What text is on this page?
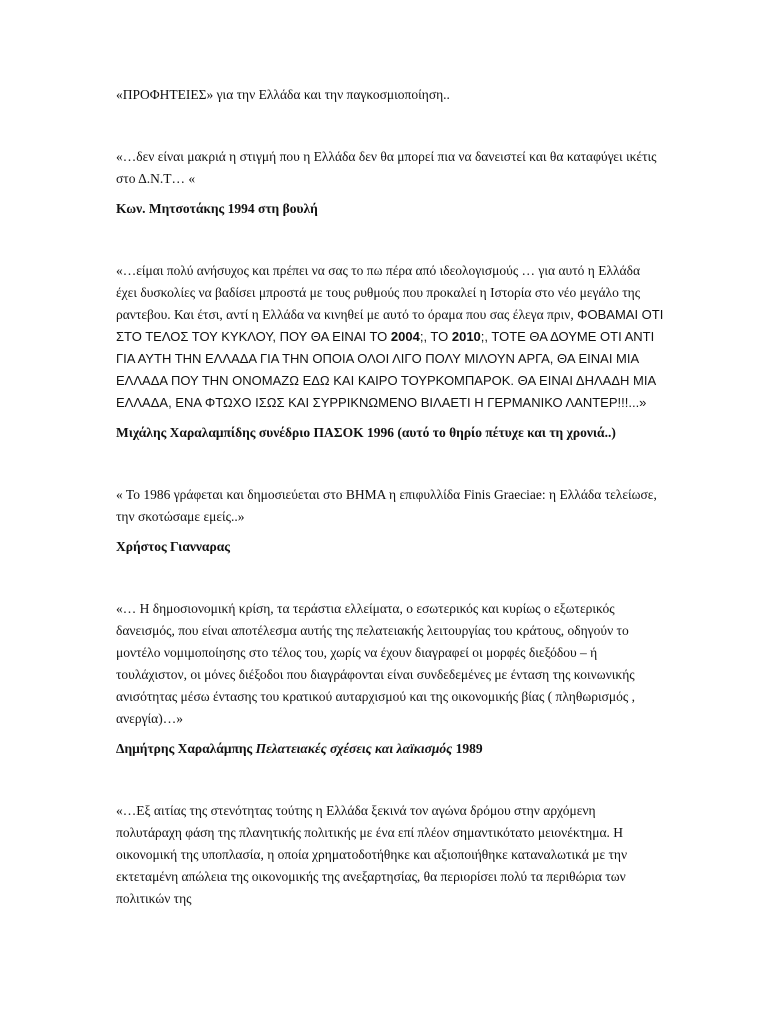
«ΠΡΟΦΗΤΕΙΕΣ» για την Ελλάδα και την παγκοσμιοποίηση..

«…δεν είναι μακριά η στιγμή που η Ελλάδα δεν θα μπορεί πια να δανειστεί και θα καταφύγει ικέτις στο Δ.Ν.Τ… «

Κων. Μητσοτάκης 1994 στη βουλή

«…είμαι πολύ ανήσυχος και πρέπει να σας το πω πέρα από ιδεολογισμούς … για αυτό η Ελλάδα έχει δυσκολίες να βαδίσει μπροστά με τους ρυθμούς που προκαλεί η Ιστορία στο νέο μεγάλο της ραντεβου. Και έτσι, αντί η Ελλάδα να κινηθεί με αυτό το όραμα που σας έλεγα πριν, ΦΟΒΑΜΑΙ ΟΤΙ ΣΤΟ ΤΕΛΟΣ ΤΟΥ ΚΥΚΛΟΥ, ΠΟΥ ΘΑ ΕΙΝΑΙ ΤΟ 2004;, ΤΟ 2010;, ΤΟΤΕ ΘΑ ΔΟΥΜΕ ΟΤΙ ΑΝΤΙ ΓΙΑ ΑΥΤΗ ΤΗΝ ΕΛΛΑΔΑ ΓΙΑ ΤΗΝ ΟΠΟΙΑ ΟΛΟΙ ΛΙΓΟ ΠΟΛΥ ΜΙΛΟΥΝ ΑΡΓΑ, ΘΑ ΕΙΝΑΙ ΜΙΑ ΕΛΛΑΔΑ ΠΟΥ ΤΗΝ ΟΝΟΜΑΖΩ ΕΔΩ ΚΑΙ ΚΑΙΡΟ ΤΟΥΡΚΟΜΠΑΡΟΚ. ΘΑ ΕΙΝΑΙ ΔΗΛΑΔΗ ΜΙΑ ΕΛΛΑΔΑ, ΕΝΑ ΦΤΩΧΟ ΙΣΩΣ ΚΑΙ ΣΥΡΡΙΚΝΩΜΕΝΟ ΒΙΛΑΕΤΙ Η ΓΕΡΜΑΝΙΚΟ ΛΑΝΤΕΡ!!!...»

Μιχάλης Χαραλαμπίδης συνέδριο ΠΑΣΟΚ 1996 (αυτό το θηρίο πέτυχε και τη χρονιά..)

« Το 1986 γράφεται και δημοσιεύεται στο ΒΗΜΑ η επιφυλλίδα Finis Graeciae: η Ελλάδα τελείωσε, την σκοτώσαμε εμείς..»

Χρήστος Γιανναρας

«… Η δημοσιονομική κρίση, τα τεράστια ελλείματα, ο εσωτερικός και κυρίως ο εξωτερικός δανεισμός, που είναι αποτέλεσμα αυτής της πελατειακής λειτουργίας του κράτους, οδηγούν το μοντέλο νομιμοποίησης στο τέλος του, χωρίς να έχουν διαγραφεί οι μορφές διεξόδου – ή τουλάχιστον, οι μόνες διέξοδοι που διαγράφονται είναι συνδεδεμένες με ένταση της κοινωνικής ανισότητας μέσω έντασης του κρατικού αυταρχισμού και της οικονομικής βίας ( πληθωρισμός , ανεργία)…»

Δημήτρης Χαραλάμπης Πελατειακές σχέσεις και λαϊκισμός 1989

«…Εξ αιτίας της στενότητας τούτης η Ελλάδα ξεκινά τον αγώνα δρόμου στην αρχόμενη πολυτάραχη φάση της πλανητικής πολιτικής με ένα επί πλέον σημαντικότατο μειονέκτημα. Η οικονομική της υποπλασία, η οποία χρηματοδοτήθηκε και αξιοποιήθηκε καταναλωτικά με την εκτεταμένη απώλεια της οικονομικής της ανεξαρτησίας, θα περιορίσει πολύ τα περιθώρια των πολιτικών της
